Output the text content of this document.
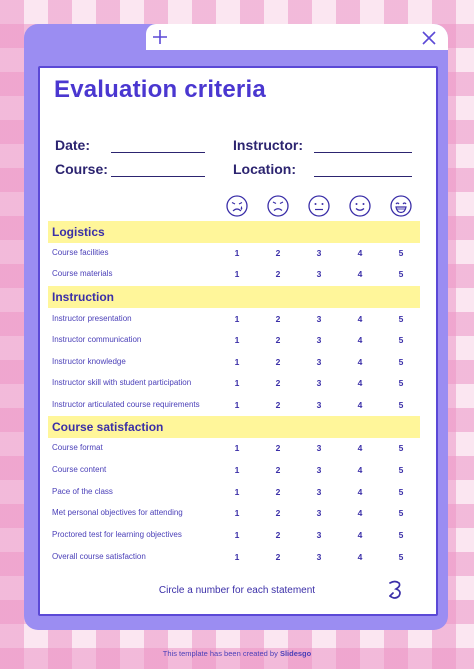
Evaluation criteria
Date:
Course:
Instructor:
Location:
Logistics
Instruction
Course satisfaction
Course facilities	1	2	3	4	5
Course materials	1	2	3	4	5
Instructor presentation	1	2	3	4	5
Instructor communication	1	2	3	4	5
Instructor knowledge	1	2	3	4	5
Instructor skill with student participation	1	2	3	4	5
Instructor articulated course requirements	1	2	3	4	5
Course format	1	2	3	4	5
Course content	1	2	3	4	5
Pace of the class	1	2	3	4	5
Met personal objectives for attending	1	2	3	4	5
Proctored test for learning objectives	1	2	3	4	5
Overall course satisfaction	1	2	3	4	5
Circle a number for each statement
This template has been created by Slidesgo
